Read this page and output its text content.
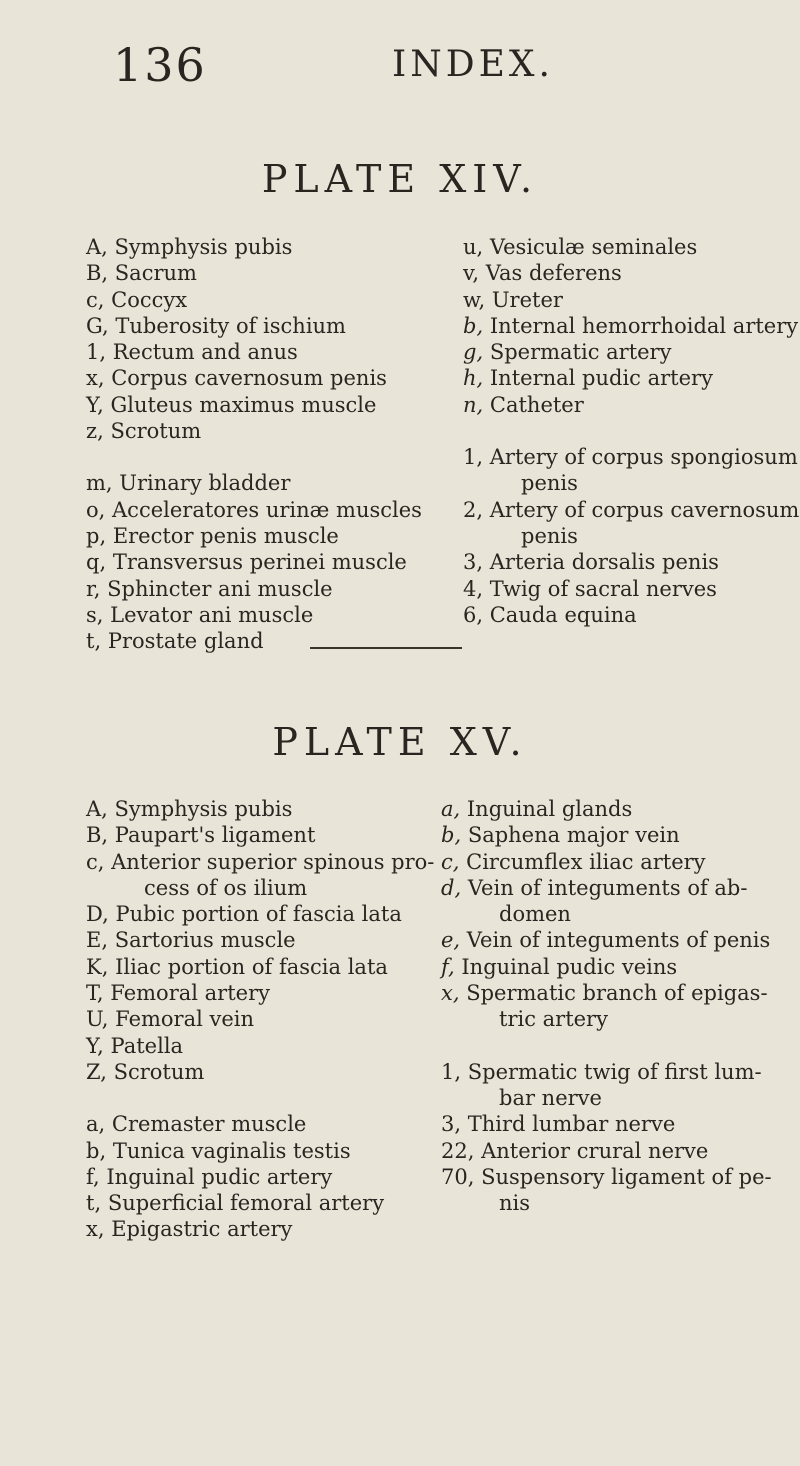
136	INDEX.
PLATE XIV.
A, Symphysis pubis
B, Sacrum
c, Coccyx
G, Tuberosity of ischium
1, Rectum and anus
x, Corpus cavernosum penis
Y, Gluteus maximus muscle
z, Scrotum
m, Urinary bladder
o, Acceleratores urinæ muscles
p, Erector penis muscle
q, Transversus perinei muscle
r, Sphincter ani muscle
s, Levator ani muscle
t, Prostate gland
u, Vesiculæ seminales
v, Vas deferens
w, Ureter
b, Internal hemorrhoidal artery
g, Spermatic artery
h, Internal pudic artery
n, Catheter
1, Artery of corpus spongiosum
penis
2, Artery of corpus cavernosum
penis
3, Arteria dorsalis penis
4, Twig of sacral nerves
6, Cauda equina
PLATE XV.
A, Symphysis pubis
B, Paupart's ligament
c, Anterior superior spinous pro-
cess of os ilium
D, Pubic portion of fascia lata
E, Sartorius muscle
K, Iliac portion of fascia lata
T, Femoral artery
U, Femoral vein
Y, Patella
Z, Scrotum
a, Cremaster muscle
b, Tunica vaginalis testis
f, Inguinal pudic artery
t, Superficial femoral artery
x, Epigastric artery
a, Inguinal glands
b, Saphena major vein
c, Circumflex iliac artery
d, Vein of integuments of ab-
domen
e, Vein of integuments of penis
f, Inguinal pudic veins
x, Spermatic branch of epigas-
tric artery
1, Spermatic twig of first lum-
bar nerve
3, Third lumbar nerve
22, Anterior crural nerve
70, Suspensory ligament of pe-
nis
